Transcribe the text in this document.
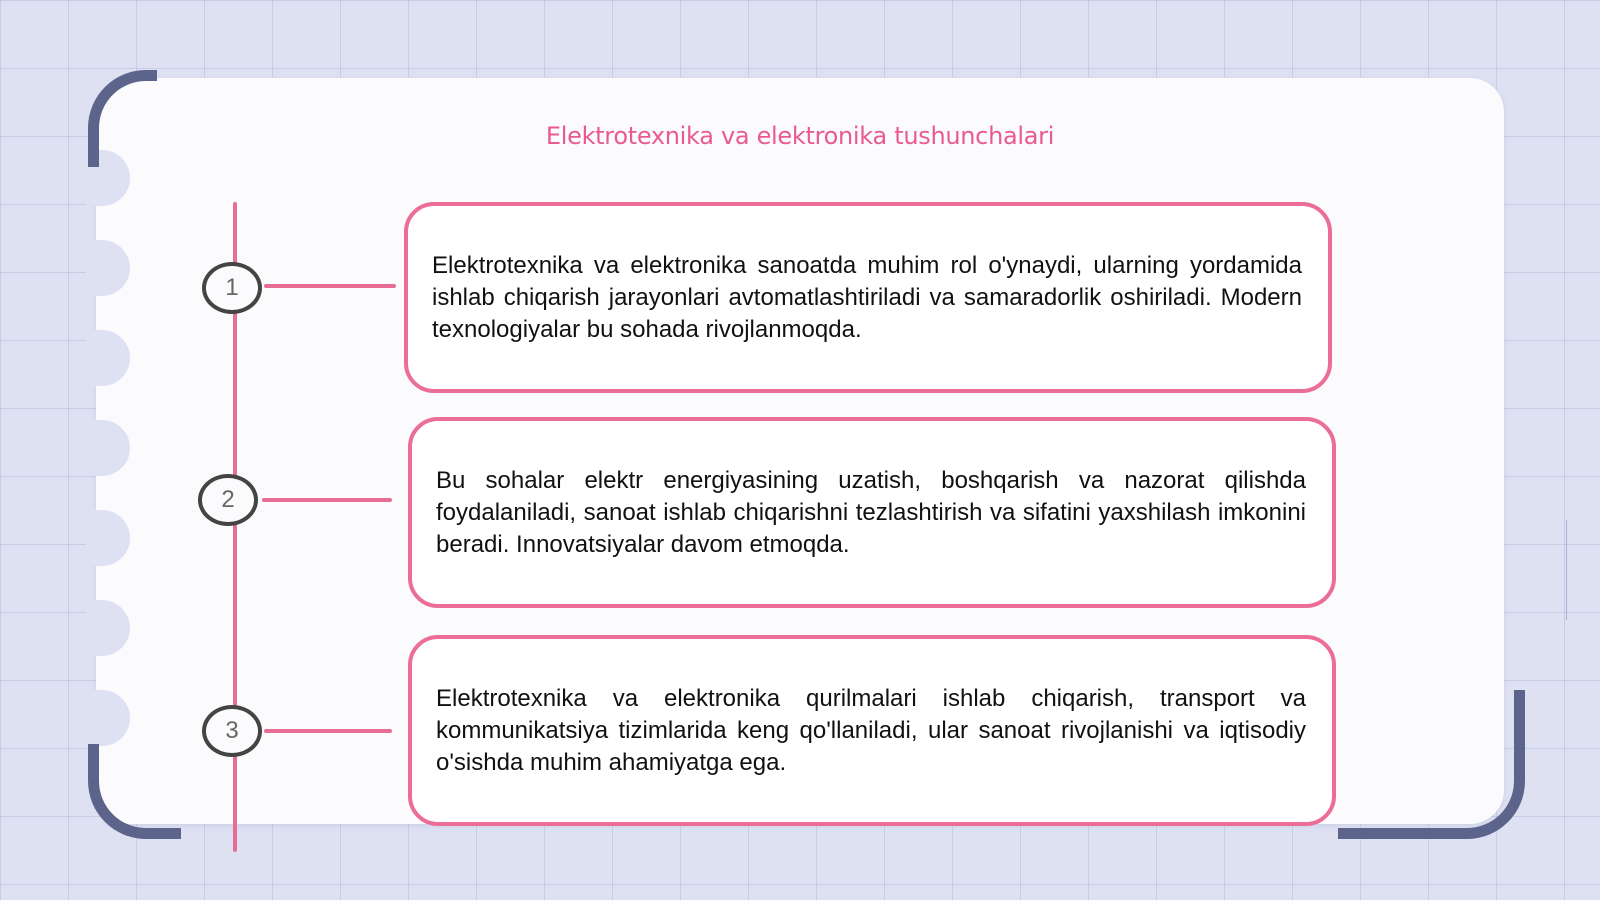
Elektrotexnika va elektronika tushunchalari
1
Elektrotexnika va elektronika sanoatda muhim rol o'ynaydi, ularning yordamida ishlab chiqarish jarayonlari avtomatlashtiriladi va samaradorlik oshiriladi. Modern texnologiyalar bu sohada rivojlanmoqda.
2
Bu sohalar elektr energiyasining uzatish, boshqarish va nazorat qilishda foydalaniladi, sanoat ishlab chiqarishni tezlashtirish va sifatini yaxshilash imkonini beradi. Innovatsiyalar davom etmoqda.
3
Elektrotexnika va elektronika qurilmalari ishlab chiqarish, transport va kommunikatsiya tizimlarida keng qo'llaniladi, ular sanoat rivojlanishi va iqtisodiy o'sishda muhim ahamiyatga ega.
